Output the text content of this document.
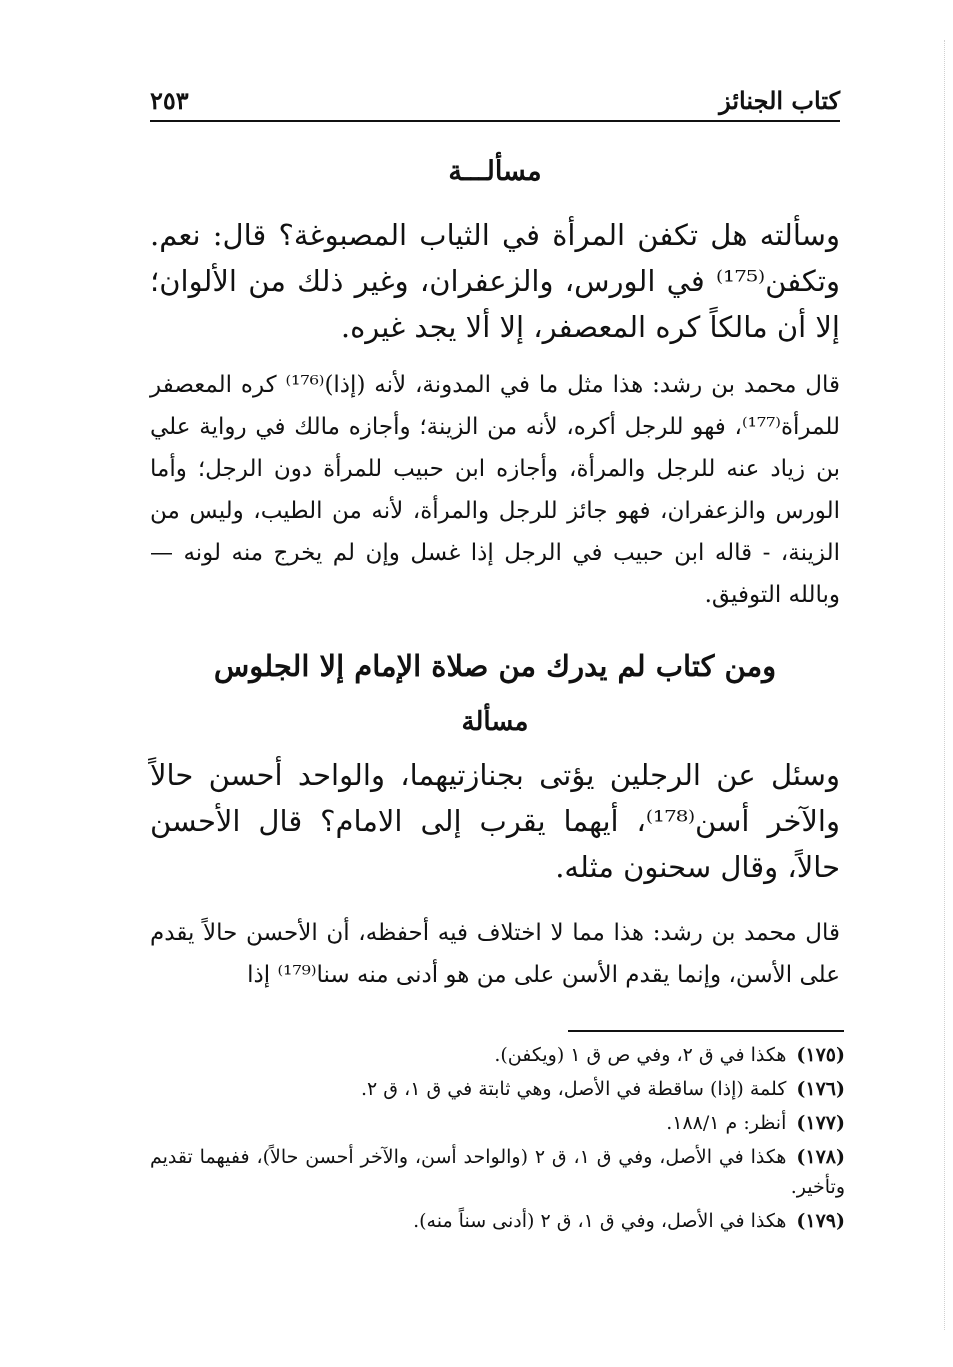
كتاب الجنائز
٢٥٣
مسألـــة

وسألته هل تكفن المرأة في الثياب المصبوغة؟ قال: نعم. وتكفن⁽¹⁷⁵⁾ في الورس، والزعفران، وغير ذلك من الألوان؛ إلا أن مالكاً كره المعصفر، إلا ألا يجد غيره.

قال محمد بن رشد: هذا مثل ما في المدونة، لأنه (إذا)⁽¹⁷⁶⁾ كره المعصفر للمرأة⁽¹⁷⁷⁾، فهو للرجل أكره، لأنه من الزينة؛ وأجازه مالك في رواية علي بن زياد عنه للرجل والمرأة، وأجازه ابن حبيب للمرأة دون الرجل؛ وأما الورس والزعفران، فهو جائز للرجل والمرأة، لأنه من الطيب، وليس من الزينة، - قاله ابن حبيب في الرجل إذا غسل وإن لم يخرج منه لونه — وبالله التوفيق.

ومن كتاب لم يدرك من صلاة الإمام إلا الجلوس
مسألة

وسئل عن الرجلين يؤتى بجنازتيهما، والواحد أحسن حالاً والآخر أسن⁽¹⁷⁸⁾، أيهما يقرب إلى الامام؟ قال الأحسن حالاً، وقال سحنون مثله.

قال محمد بن رشد: هذا مما لا اختلاف فيه أحفظه، أن الأحسن حالاً يقدم على الأسن، وإنما يقدم الأسن على من هو أدنى منه سنا⁽¹⁷⁹⁾ إذا

(١٧٥)هكذا في ق ٢، وفي ص ق ١ (ويكفن).
(١٧٦)كلمة (إذا) ساقطة في الأصل، وهي ثابتة في ق ١، ق ٢.
(١٧٧)أنظر: م ١٨٨/١.
(١٧٨)هكذا في الأصل، وفي ق ١، ق ٢ (والواحد أسن، والآخر أحسن حالاً)، ففيهما تقديم وتأخير.
(١٧٩)هكذا في الأصل، وفي ق ١، ق ٢ (أدنى سناً منه).
